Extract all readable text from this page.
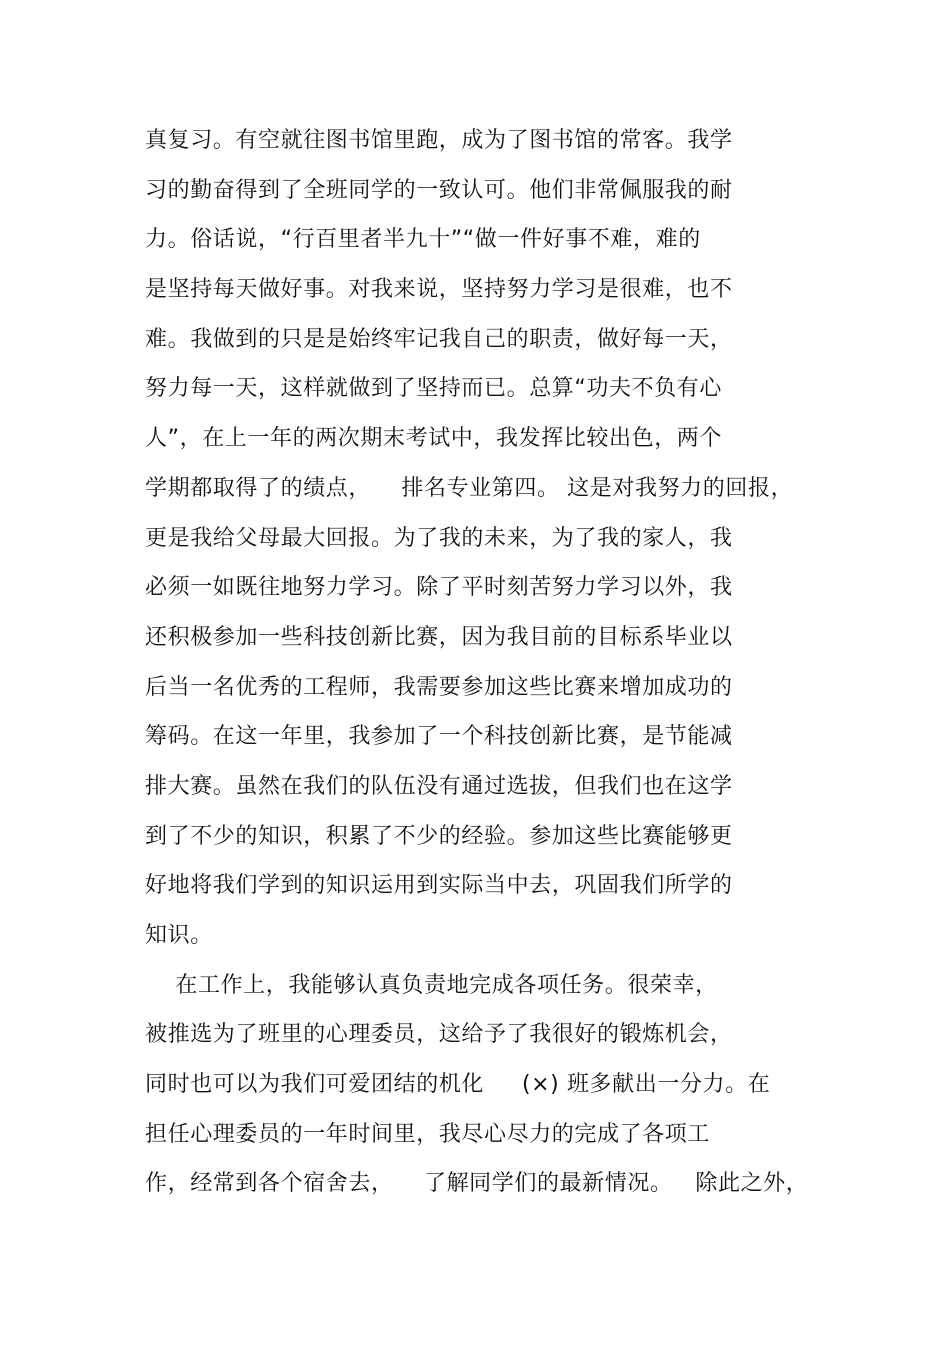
真复习。有空就往图书馆里跑，成为了图书馆的常客。我学
习的勤奋得到了全班同学的一致认可。他们非常佩服我的耐
力。俗话说，“行百里者半九十”“做一件好事不难，难的
是坚持每天做好事。对我来说，坚持努力学习是很难，也不
难。我做到的只是是始终牢记我自己的职责，做好每一天，
努力每一天，这样就做到了坚持而已。总算“功夫不负有心
人”，在上一年的两次期末考试中，我发挥比较出色，两个
学期都取得了的绩点，    排名专业第四。 这是对我努力的回报，
更是我给父母最大回报。为了我的未来，为了我的家人，我
必须一如既往地努力学习。除了平时刻苦努力学习以外，我
还积极参加一些科技创新比赛，因为我目前的目标系毕业以
后当一名优秀的工程师，我需要参加这些比赛来增加成功的
筹码。在这一年里，我参加了一个科技创新比赛，是节能减
排大赛。虽然在我们的队伍没有通过选拔，但我们也在这学
到了不少的知识，积累了不少的经验。参加这些比赛能够更
好地将我们学到的知识运用到实际当中去，巩固我们所学的
知识。
在工作上，我能够认真负责地完成各项任务。很荣幸，
被推选为了班里的心理委员，这给予了我很好的锻炼机会，
同时也可以为我们可爱团结的机化     (×) 班多献出一分力。在
担任心理委员的一年时间里，我尽心尽力的完成了各项工
作，经常到各个宿舍去，    了解同学们的最新情况。   除此之外，
